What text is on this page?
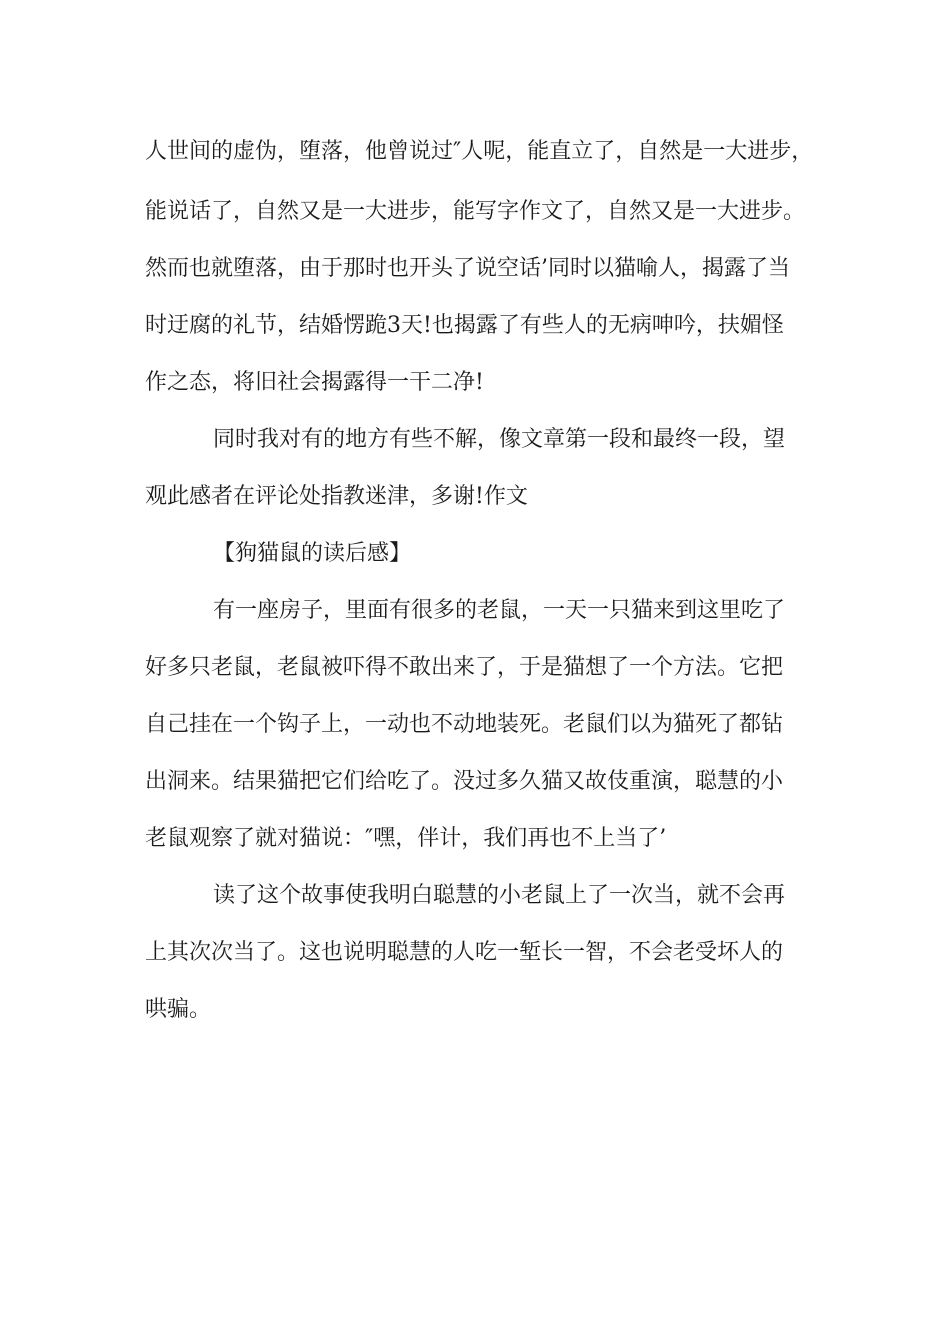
人世间的虚伪，堕落，他曾说过″人呢，能直立了，自然是一大进步，
能说话了，自然又是一大进步，能写字作文了，自然又是一大进步。
然而也就堕落，由于那时也开头了说空话’同时以猫喻人，揭露了当
时迂腐的礼节，结婚愣跪3天!也揭露了有些人的无病呻吟，扶媚怪
作之态，将旧社会揭露得一干二净!
同时我对有的地方有些不解，像文章第一段和最终一段，望
观此感者在评论处指教迷津，多谢!作文
【狗猫鼠的读后感】
有一座房子，里面有很多的老鼠，一天一只猫来到这里吃了
好多只老鼠，老鼠被吓得不敢出来了，于是猫想了一个方法。它把
自己挂在一个钩子上，一动也不动地装死。老鼠们以为猫死了都钻
出洞来。结果猫把它们给吃了。没过多久猫又故伎重演，聪慧的小
老鼠观察了就对猫说：″嘿，伴计，我们再也不上当了’
读了这个故事使我明白聪慧的小老鼠上了一次当，就不会再
上其次次当了。这也说明聪慧的人吃一堑长一智，不会老受坏人的
哄骗。
